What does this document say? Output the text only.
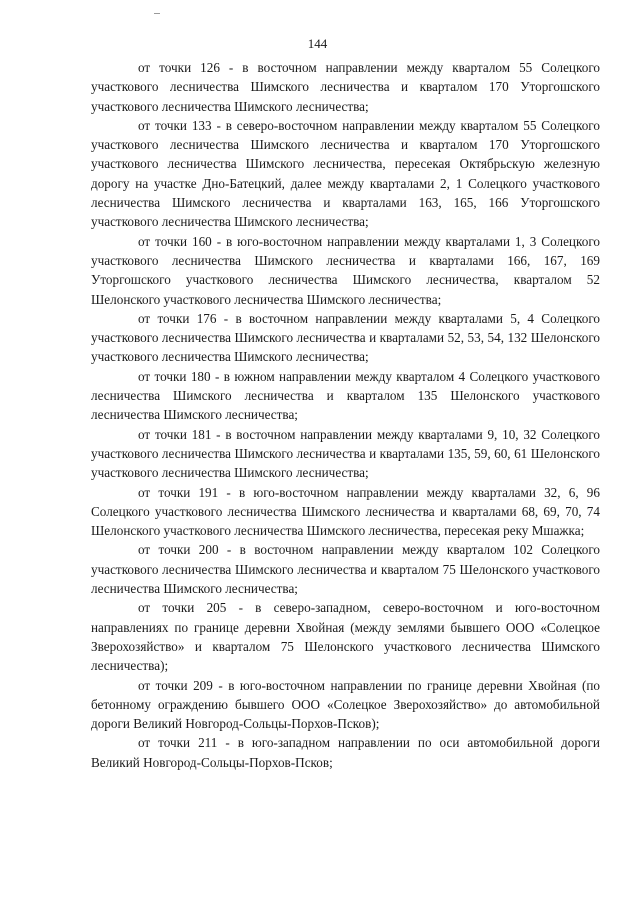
144

от точки 126 - в восточном направлении между кварталом 55 Солецкого участкового лесничества Шимского лесничества и кварталом 170 Уторгошского участкового лесничества Шимского лесничества;

от точки 133 - в северо-восточном направлении между кварталом 55 Солецкого участкового лесничества Шимского лесничества и кварталом 170 Уторгошского участкового лесничества Шимского лесничества, пересекая Октябрьскую железную дорогу на участке Дно-Батецкий, далее между кварталами 2, 1 Солецкого участкового лесничества Шимского лесничества и кварталами 163, 165, 166 Уторгошского участкового лесничества Шимского лесничества;

от точки 160 - в юго-восточном направлении между кварталами 1, 3 Солецкого участкового лесничества Шимского лесничества и кварталами 166, 167, 169 Уторгошского участкового лесничества Шимского лесничества, кварталом 52 Шелонского участкового лесничества Шимского лесничества;

от точки 176 - в восточном направлении между кварталами 5, 4 Солецкого участкового лесничества Шимского лесничества и кварталами 52, 53, 54, 132 Шелонского участкового лесничества Шимского лесничества;

от точки 180 - в южном направлении между кварталом 4 Солецкого участкового лесничества Шимского лесничества и кварталом 135 Шелонского участкового лесничества Шимского лесничества;

от точки 181 - в восточном направлении между кварталами 9, 10, 32 Солецкого участкового лесничества Шимского лесничества и кварталами 135, 59, 60, 61 Шелонского участкового лесничества Шимского лесничества;

от точки 191 - в юго-восточном направлении между кварталами 32, 6, 96 Солецкого участкового лесничества Шимского лесничества и кварталами 68, 69, 70, 74 Шелонского участкового лесничества Шимского лесничества, пересекая реку Мшажка;

от точки 200 - в восточном направлении между кварталом 102 Солецкого участкового лесничества Шимского лесничества и кварталом 75 Шелонского участкового лесничества Шимского лесничества;

от точки 205 - в северо-западном, северо-восточном и юго-восточном направлениях по границе деревни Хвойная (между землями бывшего ООО «Солецкое Зверохозяйство» и кварталом 75 Шелонского участкового лесничества Шимского лесничества);

от точки 209 - в юго-восточном направлении по границе деревни Хвойная (по бетонному ограждению бывшего ООО «Солецкое Зверохозяйство» до автомобильной дороги Великий Новгород-Сольцы-Порхов-Псков);

от точки 211 - в юго-западном направлении по оси автомобильной дороги Великий Новгород-Сольцы-Порхов-Псков;
